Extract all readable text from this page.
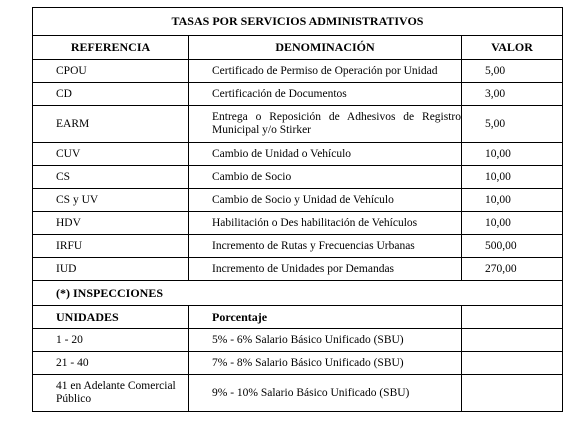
TASAS POR SERVICIOS ADMINISTRATIVOS		
REFERENCIA	DENOMINACIÓN	VALOR
CPOU	Certificado de Permiso de Operación por Unidad	5,00
CD	Certificación de Documentos	3,00
EARM	Entrega o Reposición de Adhesivos de Registro Municipal y/o Stirker	5,00
CUV	Cambio de Unidad o Vehículo	10,00
CS	Cambio de Socio	10,00
CS y UV	Cambio de Socio y Unidad de Vehículo	10,00
HDV	Habilitación o Des habilitación de Vehículos	10,00
IRFU	Incremento de Rutas y Frecuencias Urbanas	500,00
IUD	Incremento de Unidades por Demandas	270,00
(*) INSPECCIONES		
UNIDADES	Porcentaje	
1 - 20	5% - 6% Salario Básico Unificado (SBU)	
21 - 40	7% - 8% Salario Básico Unificado (SBU)	
41 en Adelante Comercial Público	9% - 10% Salario Básico Unificado (SBU)	
